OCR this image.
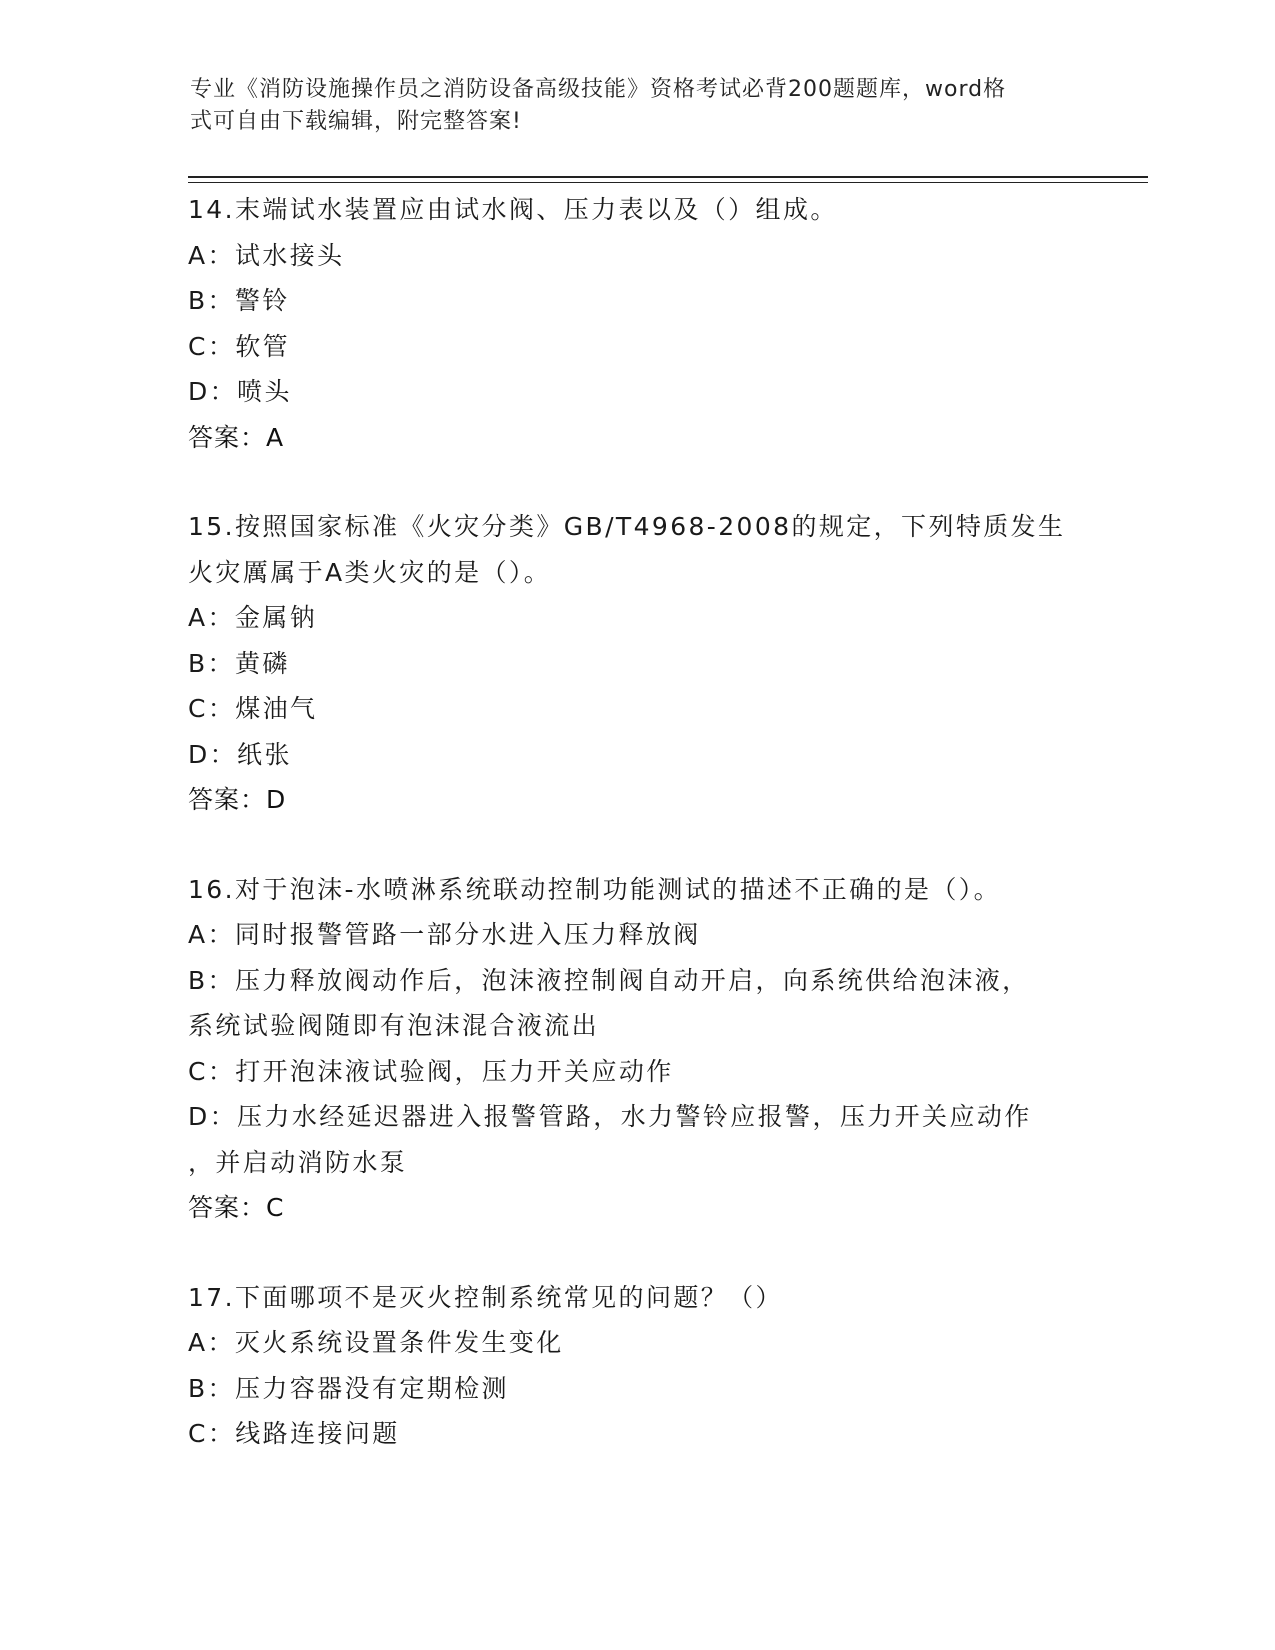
专业《消防设施操作员之消防设备高级技能》资格考试必背200题题库，word格
式可自由下载编辑，附完整答案!
14.末端试水装置应由试水阀、压力表以及（）组成。
A：试水接头
B：警铃
C：软管
D：喷头
答案：A
15.按照国家标准《火灾分类》GB/T4968-2008的规定，下列特质发生
火灾厲属于A类火灾的是（）。
A：金属钠
B：黄磷
C：煤油气
D：纸张
答案：D
16.对于泡沫-水喷淋系统联动控制功能测试的描述不正确的是（）。
A：同时报警管路一部分水进入压力释放阀
B：压力释放阀动作后，泡沫液控制阀自动开启，向系统供给泡沫液，
系统试验阀随即有泡沫混合液流出
C：打开泡沫液试验阀，压力开关应动作
D：压力水经延迟器进入报警管路，水力警铃应报警，压力开关应动作
，并启动消防水泵
答案：C
17.下面哪项不是灭火控制系统常见的问题？（）
A：灭火系统设置条件发生变化
B：压力容器没有定期检测
C：线路连接问题
